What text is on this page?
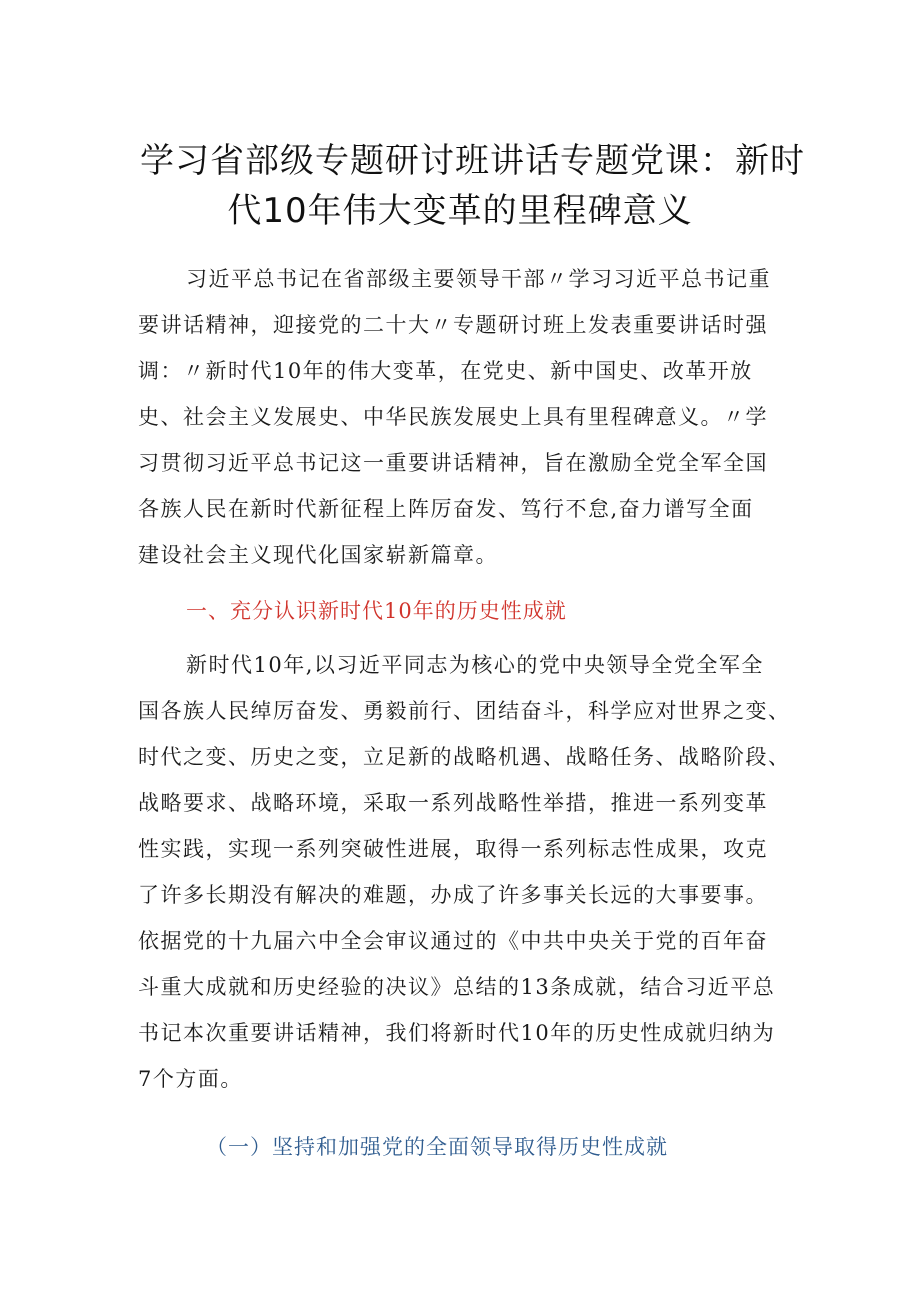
学习省部级专题研讨班讲话专题党课：新时
代10年伟大变革的里程碑意义
习近平总书记在省部级主要领导干部〃学习习近平总书记重
要讲话精神，迎接党的二十大〃专题研讨班上发表重要讲话时强
调：〃新时代10年的伟大变革，在党史、新中国史、改革开放
史、社会主义发展史、中华民族发展史上具有里程碑意义。〃学
习贯彻习近平总书记这一重要讲话精神，旨在激励全党全军全国
各族人民在新时代新征程上阵厉奋发、笃行不怠,奋力谱写全面
建设社会主义现代化国家崭新篇章。
一、充分认识新时代10年的历史性成就
新时代10年,以习近平同志为核心的党中央领导全党全军全
国各族人民绰厉奋发、勇毅前行、团结奋斗，科学应对世界之变、
时代之变、历史之变，立足新的战略机遇、战略任务、战略阶段、
战略要求、战略环境，采取一系列战略性举措，推进一系列变革
性实践，实现一系列突破性进展，取得一系列标志性成果，攻克
了许多长期没有解决的难题，办成了许多事关长远的大事要事。
依据党的十九届六中全会审议通过的《中共中央关于党的百年奋
斗重大成就和历史经验的决议》总结的13条成就，结合习近平总
书记本次重要讲话精神，我们将新时代10年的历史性成就归纳为
7个方面。
（一）坚持和加强党的全面领导取得历史性成就
